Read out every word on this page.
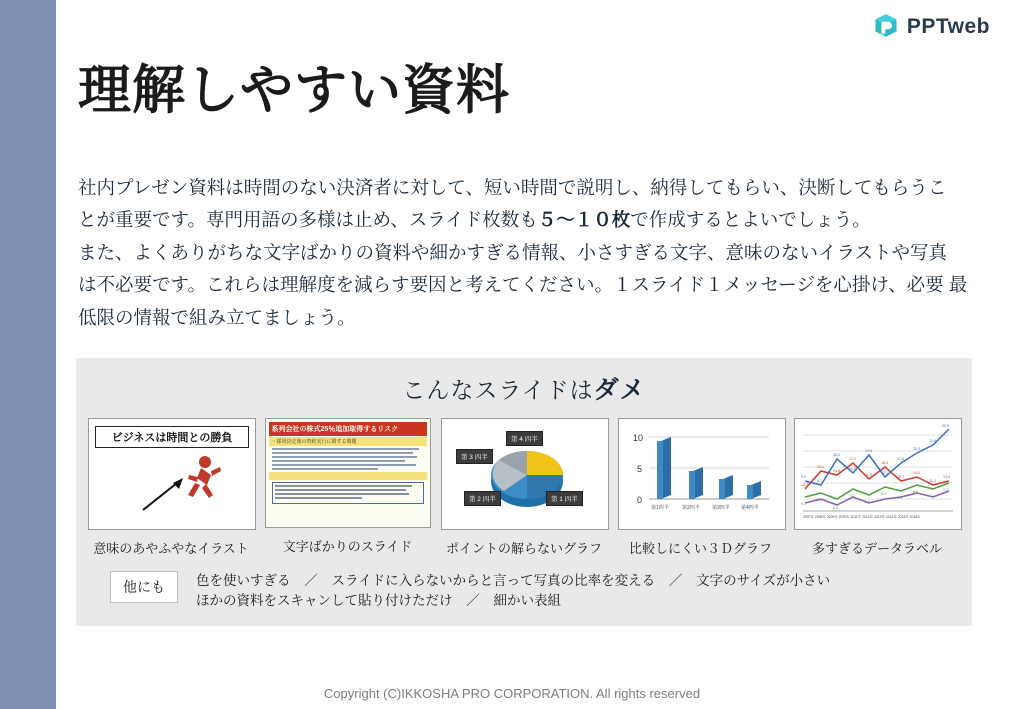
PPTweb
理解しやすい資料
社内プレゼン資料は時間のない決済者に対して、短い時間で説明し、納得してもらい、決断してもらうこ とが重要です。専門用語の多様は止め、スライド枚数も５〜１０枚で作成するとよいでしょう。
また、よくありがちな文字ばかりの資料や細かすぎる情報、小さすぎる文字、意味のないイラストや写真 は不必要です。これらは理解度を減らす要因と考えてください。１スライド１メッセージを心掛け、必要 最低限の情報で組み立てましょう。
こんなスライドはダメ
ビジネスは時間との勝負
意味のあやふやなイラスト
系列会社の株式25％追加取得するリスク
・採用決定後の契約実行に関する問題

文字ばかりのスライド
第 4 四半
第 3 四半
第 2 四半	第 1 四半
ポイントの解らないグラフ
10
5
0
第1四半	第2四半 第3四半 第4四半
比較しにくい３Ｄグラフ
12.3
15.1
13.8
17.2
11.9
16.4
12.7
14.0
11.2
13.5
9.4
8.7
18.2
14.6
19.8
12.1
17.5
20.3
22.6
25.9
5.2
6.1
4.4
7.3
5.8
8.0
6.9
8.6
7.1
9.2
2007年 2008年 2009年 2010年 2011年 2012年 2013年 2014年 2015年 2016年
多すぎるデータラベル
他にも	色を使いすぎる ／ スライドに入らないからと言って写真の比率を変える ／ 文字のサイズが小さい
ほかの資料をスキャンして貼り付けただけ ／ 細かい表組
Copyright (C)IKKOSHA PRO CORPORATION. All rights reserved
